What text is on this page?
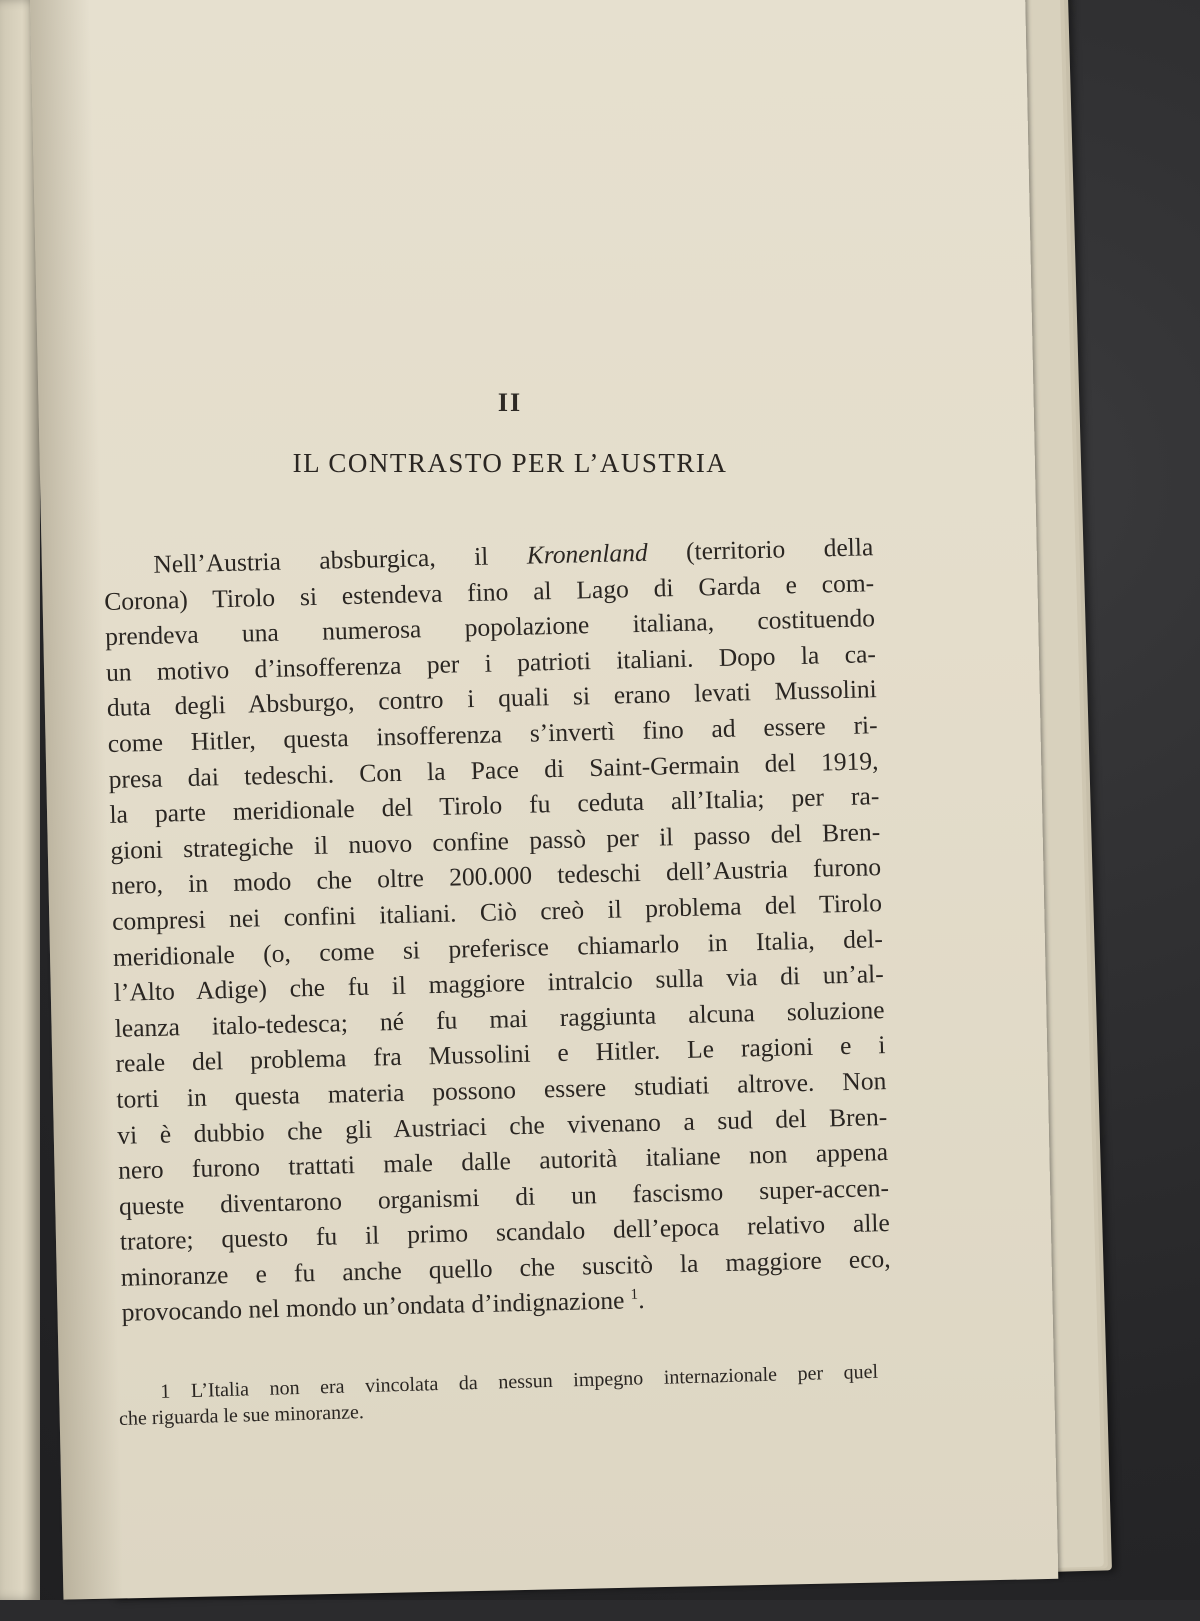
II
IL CONTRASTO PER L’AUSTRIA
Nell’Austria absburgica, il Kronenland (territorio della
Corona) Tirolo si estendeva fino al Lago di Garda e com-
prendeva una numerosa popolazione italiana, costituendo
un motivo d’insofferenza per i patrioti italiani. Dopo la ca-
duta degli Absburgo, contro i quali si erano levati Mussolini
come Hitler, questa insofferenza s’invertì fino ad essere ri-
presa dai tedeschi. Con la Pace di Saint-Germain del 1919,
la parte meridionale del Tirolo fu ceduta all’Italia; per ra-
gioni strategiche il nuovo confine passò per il passo del Bren-
nero, in modo che oltre 200.000 tedeschi dell’Austria furono
compresi nei confini italiani. Ciò creò il problema del Tirolo
meridionale (o, come si preferisce chiamarlo in Italia, del-
l’Alto Adige) che fu il maggiore intralcio sulla via di un’al-
leanza italo-tedesca; né fu mai raggiunta alcuna soluzione
reale del problema fra Mussolini e Hitler. Le ragioni e i
torti in questa materia possono essere studiati altrove. Non
vi è dubbio che gli Austriaci che vivenano a sud del Bren-
nero furono trattati male dalle autorità italiane non appena
queste diventarono organismi di un fascismo super-accen-
tratore; questo fu il primo scandalo dell’epoca relativo alle
minoranze e fu anche quello che suscitò la maggiore eco,
provocando nel mondo un’ondata d’indignazione $^1$.
1 L’Italia non era vincolata da nessun impegno internazionale per quel
che riguarda le sue minoranze.
